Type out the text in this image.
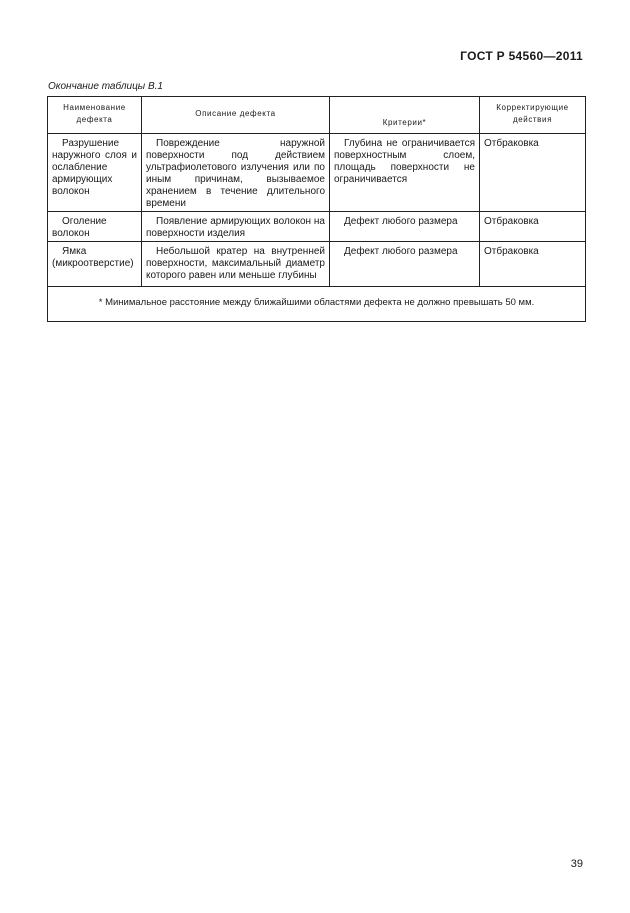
ГОСТ Р 54560—2011
Окончание таблицы В.1
Наименование дефекта	Описание дефекта	Критерии*	Корректирующие действия
Разрушение наружного слоя и ослабление армирующих волокон	Повреждение наружной поверхности под действием ультрафиолетового излучения или по иным причинам, вызываемое хранением в течение длительного времени	Глубина не ограничивается поверхностным слоем, площадь поверхности не ограничивается	Отбраковка
Оголение волокон	Появление армирующих волокон на поверхности изделия	Дефект любого размера	Отбраковка
Ямка (микроотверстие)	Небольшой кратер на внутренней поверхности, максимальный диаметр которого равен или меньше глубины	Дефект любого размера	Отбраковка
* Минимальное расстояние между ближайшими областями дефекта не должно превышать 50 мм.			
39
